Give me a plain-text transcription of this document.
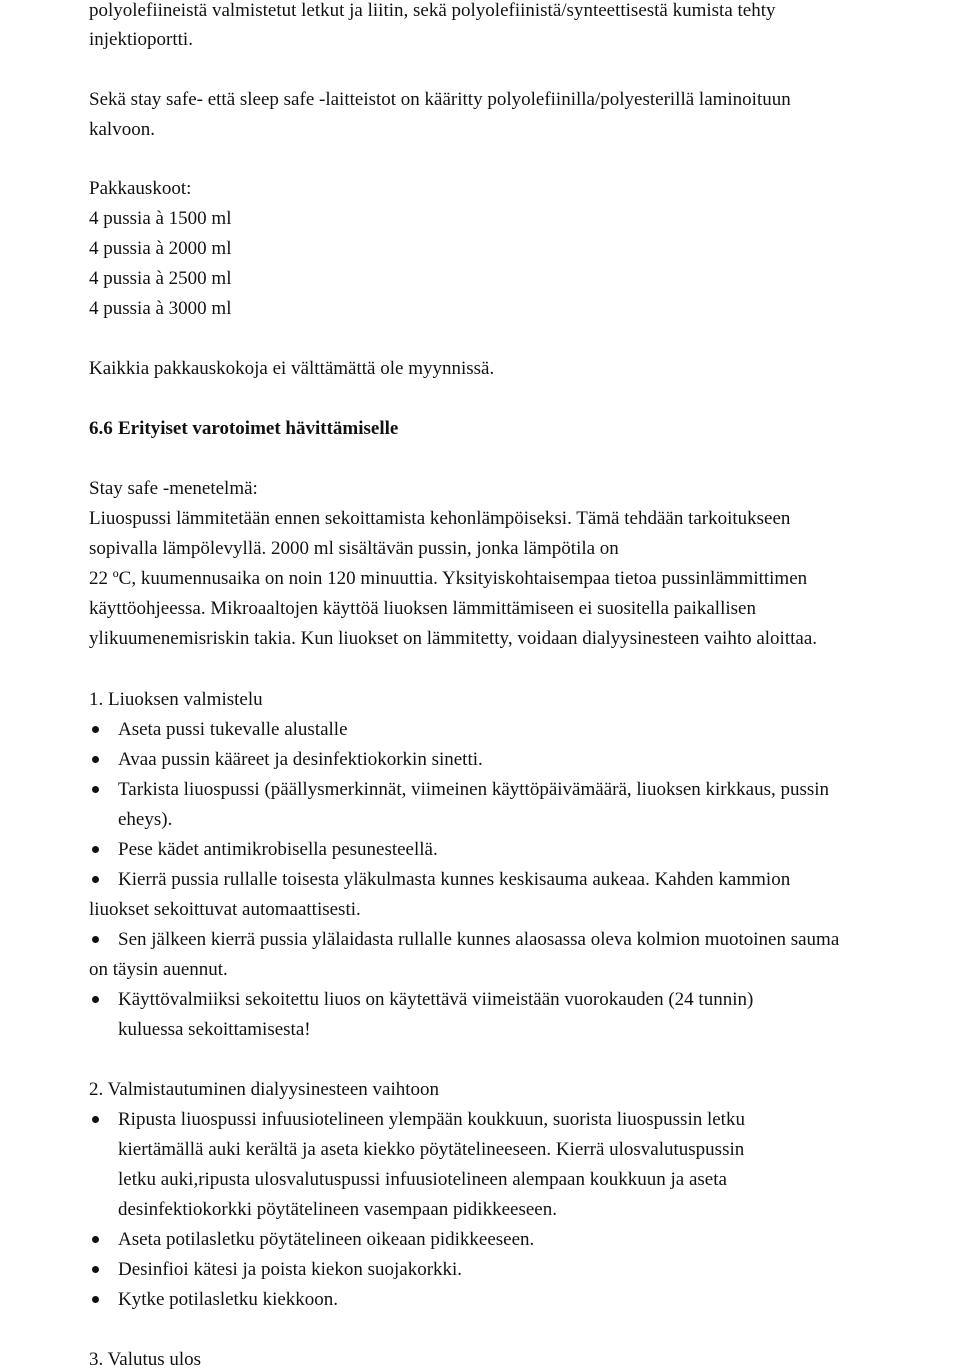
polyolefiineistä valmistetut letkut ja liitin, sekä polyolefiinistä/synteettisestä kumista tehty
injektioportti.
Sekä stay safe- että sleep safe -laitteistot on kääritty polyolefiinilla/polyesterillä laminoituun
kalvoon.
Pakkauskoot:
4 pussia à 1500 ml
4 pussia à 2000 ml
4 pussia à 2500 ml
4 pussia à 3000 ml
Kaikkia pakkauskokoja ei välttämättä ole myynnissä.
6.6 Erityiset varotoimet hävittämiselle
Stay safe -menetelmä:
Liuospussi lämmitetään ennen sekoittamista kehonlämpöiseksi. Tämä tehdään tarkoitukseen
sopivalla lämpölevyllä. 2000 ml sisältävän pussin, jonka lämpötila on
22 ºC, kuumennusaika on noin 120 minuuttia. Yksityiskohtaisempaa tietoa pussinlämmittimen
käyttöohjeessa. Mikroaaltojen käyttöä liuoksen lämmittämiseen ei suositella paikallisen
ylikuumenemisriskin takia. Kun liuokset on lämmitetty, voidaan dialyysinesteen vaihto aloittaa.
1. Liuoksen valmistelu
Aseta pussi tukevalle alustalle
Avaa pussin kääreet ja desinfektiokorkin sinetti.
Tarkista liuospussi (päällysmerkinnät, viimeinen käyttöpäivämäärä, liuoksen kirkkaus, pussin
eheys).
Pese kädet antimikrobisella pesunesteellä.
Kierrä pussia rullalle toisesta yläkulmasta kunnes keskisauma aukeaa. Kahden kammion
liuokset sekoittuvat automaattisesti.
Sen jälkeen kierrä pussia ylälaidasta rullalle kunnes alaosassa oleva kolmion muotoinen sauma
on täysin auennut.
Käyttövalmiiksi sekoitettu liuos on käytettävä viimeistään vuorokauden (24 tunnin)
kuluessa sekoittamisesta!
2. Valmistautuminen dialyysinesteen vaihtoon
Ripusta liuospussi infuusiotelineen ylempään koukkuun, suorista liuospussin letku
kiertämällä auki kerältä ja aseta kiekko pöytätelineeseen. Kierrä ulosvalutuspussin
letku auki,ripusta ulosvalutuspussi infuusiotelineen alempaan koukkuun ja aseta
desinfektiokorkki pöytätelineen vasempaan pidikkeeseen.
Aseta potilasletku pöytätelineen oikeaan pidikkeeseen.
Desinfioi kätesi ja poista kiekon suojakorkki.
Kytke potilasletku kiekkoon.
3. Valutus ulos
